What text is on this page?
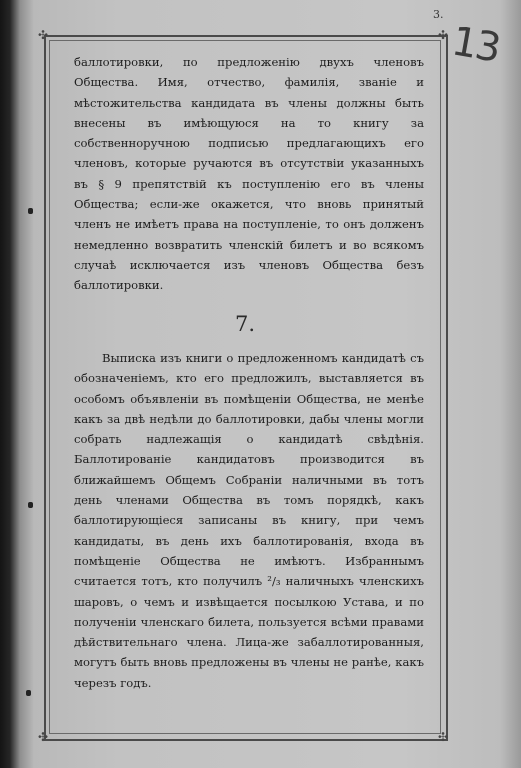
3.
13
✣	✣
✣	✣
баллотировки, по предложенію двухъ членовъ Общества. Имя, отчество, фамилія, званіе и мѣстожительства кандидата въ члены должны быть внесены въ имѣющуюся на то книгу за собственноручною подписью предлагающихъ его членовъ, которые ручаются въ отсутствіи указанныхъ въ § 9 препятствій къ поступленію его въ члены Общества; если-же окажется, что вновь принятый членъ не имѣетъ права на поступленіе, то онъ долженъ немедленно возвратить членскій билетъ и во всякомъ случаѣ исключается изъ членовъ Общества безъ баллотировки.
7.
Выписка изъ книги о предложенномъ кандидатѣ съ обозначеніемъ, кто его предложилъ, выставляется въ особомъ объявленіи въ помѣщеніи Общества, не менѣе какъ за двѣ недѣли до баллотировки, дабы члены могли собрать надлежащія о кандидатѣ свѣдѣнія. Баллотированіе кандидатовъ производится въ ближайшемъ Общемъ Собраніи наличными въ тотъ день членами Общества въ томъ порядкѣ, какъ баллотирующіеся записаны въ книгу, при чемъ кандидаты, въ день ихъ баллотированія, входа въ помѣщеніе Общества не имѣютъ. Избраннымъ считается тотъ, кто получилъ ²/₃ наличныхъ членскихъ шаровъ, о чемъ и извѣщается посылкою Устава, и по полученіи членскаго билета, пользуется всѣми правами дѣйствительнаго члена. Лица-же забаллотированныя, могутъ быть вновь предложены въ члены не ранѣе, какъ черезъ годъ.
